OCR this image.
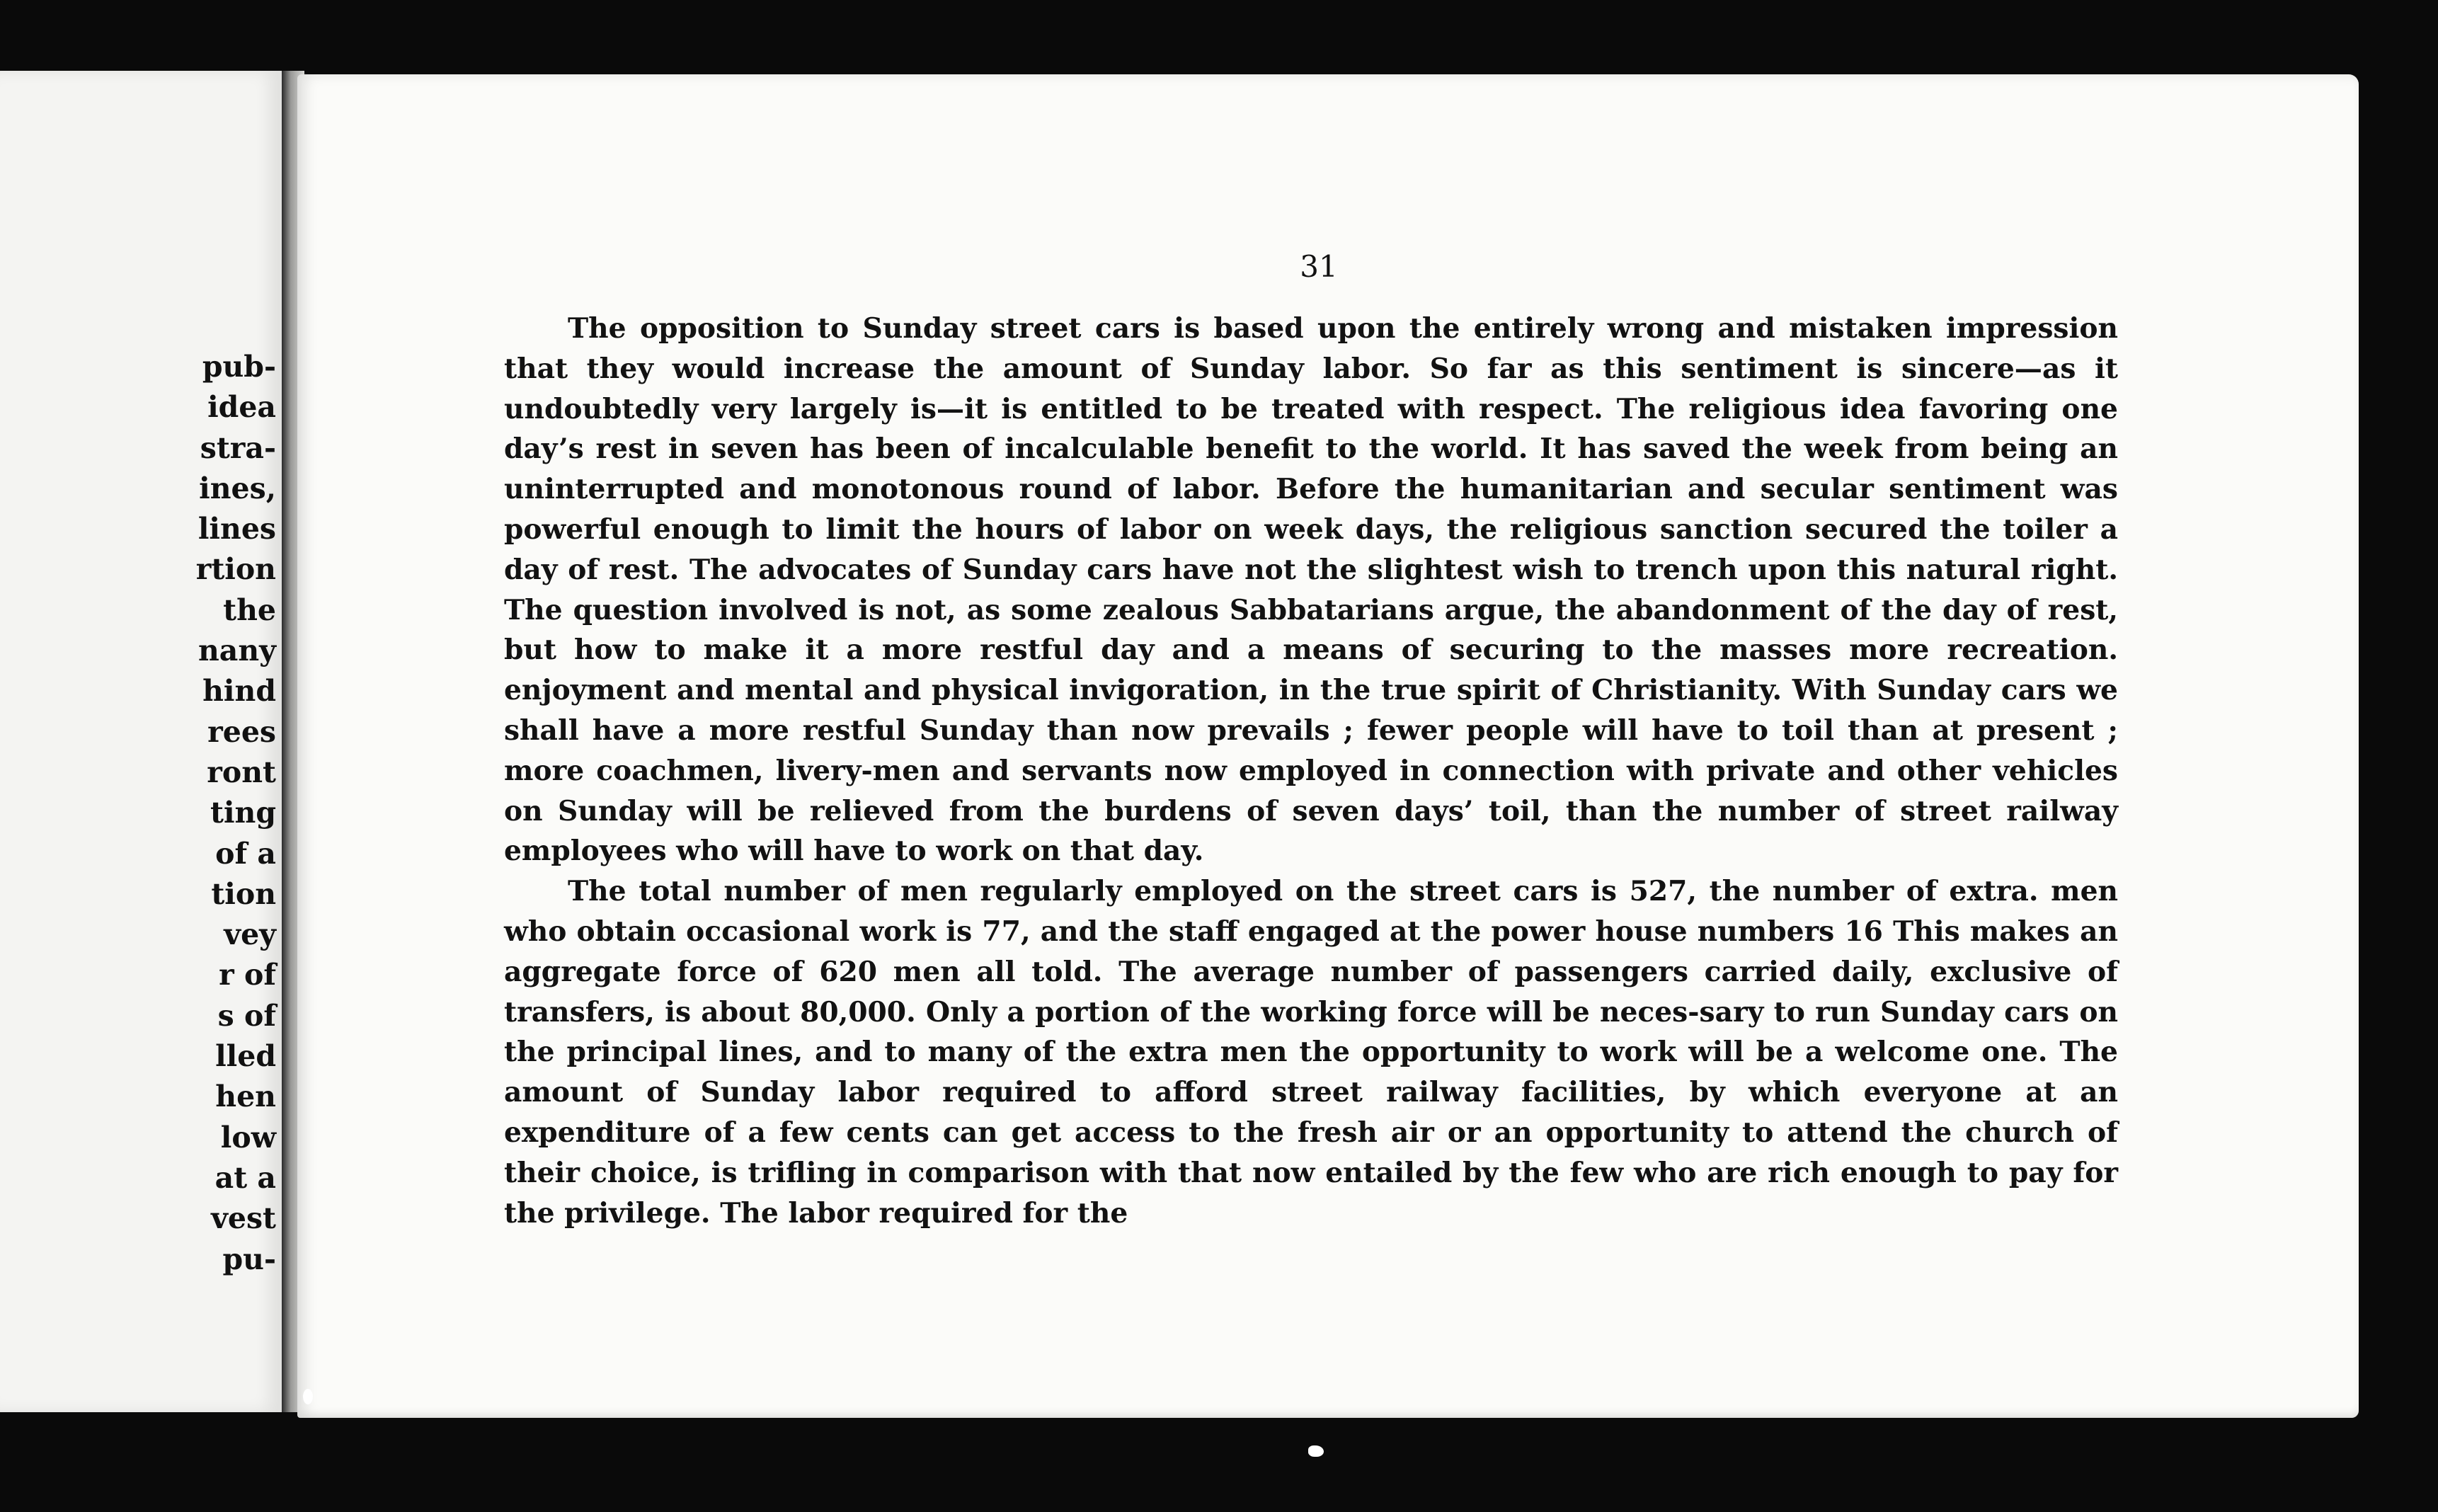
pub-
idea
stra-
ines,
lines
rtion
the
nany
hind
rees
ront
ting
of a
tion
vey
r of
s of
lled
hen
low
at a
vest
pu-
31

The opposition to Sunday street cars is based upon the entirely wrong and mistaken impression that they would increase the amount of Sunday labor. So far as this sentiment is sincere—as it undoubtedly very largely is—it is entitled to be treated with respect. The religious idea favoring one day’s rest in seven has been of incalculable benefit to the world. It has saved the week from being an uninterrupted and monotonous round of labor. Before the humanitarian and secular sentiment was powerful enough to limit the hours of labor on week days, the religious sanction secured the toiler a day of rest. The advocates of Sunday cars have not the slightest wish to trench upon this natural right. The question involved is not, as some zealous Sabbatarians argue, the abandonment of the day of rest, but how to make it a more restful day and a means of securing to the masses more recreation. enjoyment and mental and physical invigoration, in the true spirit of Christianity. With Sunday cars we shall have a more restful Sunday than now prevails ; fewer people will have to toil than at present ; more coachmen, livery-men and servants now employed in connection with private and other vehicles on Sunday will be relieved from the burdens of seven days’ toil, than the number of street railway employees who will have to work on that day.

The total number of men regularly employed on the street cars is 527, the number of extra. men who obtain occasional work is 77, and the staff engaged at the power house numbers 16 This makes an aggregate force of 620 men all told. The average number of passengers carried daily, exclusive of transfers, is about 80,000. Only a portion of the working force will be neces-sary to run Sunday cars on the principal lines, and to many of the extra men the opportunity to work will be a welcome one. The amount of Sunday labor required to afford street railway facilities, by which everyone at an expenditure of a few cents can get access to the fresh air or an opportunity to attend the church of their choice, is trifling in comparison with that now entailed by the few who are rich enough to pay for the privilege. The labor required for the
